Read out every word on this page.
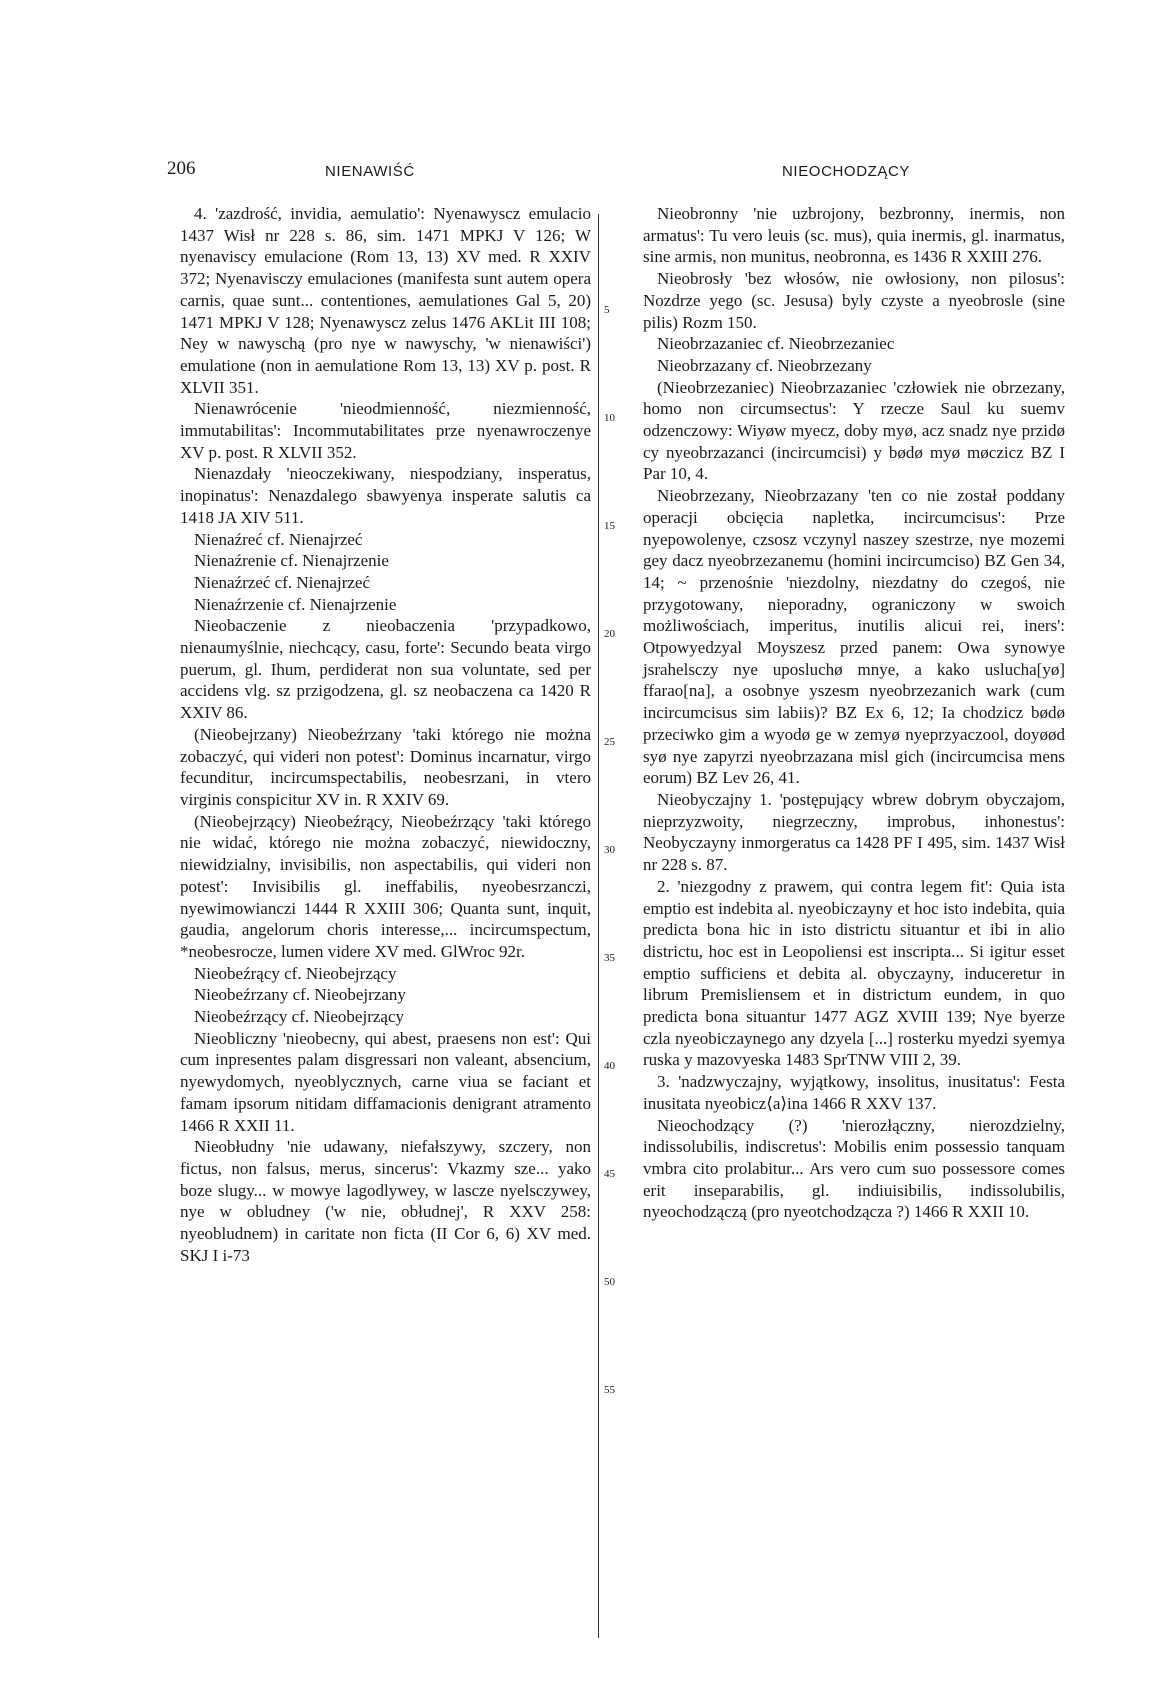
206	NIENAWIŚĆ	NIEOCHODZĄCY

4. 'zazdrość, invidia, aemulatio': Nyenawyscz emulacio 1437 Wisł nr 228 s. 86, sim. 1471 MPKJ V 126; W nyenaviscy emulacione (Rom 13, 13) XV med. R XXIV 372; Nyenavisczy emulaciones (manifesta sunt autem opera carnis, quae sunt... contentiones, aemulationes Gal 5, 20) 1471 MPKJ V 128; Nyenawyscz zelus 1476 AKLit III 108; Ney w nawyschą (pro nye w nawyschy, 'w nienawiści') emulatione (non in aemulatione Rom 13, 13) XV p. post. R XLVII 351.

Nienawrócenie 'nieodmienność, niezmienność, immutabilitas': Incommutabilitates prze nyenawroczenye XV p. post. R XLVII 352.

Nienazdały 'nieoczekiwany, niespodziany, insperatus, inopinatus': Nenazdalego sbawyenya insperate salutis ca 1418 JA XIV 511.

Nienaźreć cf. Nienajrzeć

Nienaźrenie cf. Nienajrzenie

Nienaźrzeć cf. Nienajrzeć

Nienaźrzenie cf. Nienajrzenie

Nieobaczenie z nieobaczenia 'przypadkowo, nienaumyślnie, niechcący, casu, forte': Secundo beata virgo puerum, gl. Ihum, perdiderat non sua voluntate, sed per accidens vlg. sz przigodzena, gl. sz neobaczena ca 1420 R XXIV 86.

(Nieobejrzany) Nieobeźrzany 'taki którego nie można zobaczyć, qui videri non potest': Dominus incarnatur, virgo fecunditur, incircumspectabilis, neobesrzani, in vtero virginis conspicitur XV in. R XXIV 69.

(Nieobejrzący) Nieobeźrący, Nieobeźrzący 'taki którego nie widać, którego nie można zobaczyć, niewidoczny, niewidzialny, invisibilis, non aspectabilis, qui videri non potest': Invisibilis gl. ineffabilis, nyeobesrzanczi, nyewimowianczi 1444 R XXIII 306; Quanta sunt, inquit, gaudia, angelorum choris interesse,... incircumspectum, *neobesrocze, lumen videre XV med. GlWroc 92r.

Nieobeźrący cf. Nieobejrzący

Nieobeźrzany cf. Nieobejrzany

Nieobeźrzący cf. Nieobejrzący

Nieobliczny 'nieobecny, qui abest, praesens non est': Qui cum inpresentes palam disgressari non valeant, absencium, nyewydomych, nyeoblycznych, carne viua se faciant et famam ipsorum nitidam diffamacionis denigrant atramento 1466 R XXII 11.

Nieobłudny 'nie udawany, niefałszywy, szczery, non fictus, non falsus, merus, sincerus': Vkazmy sze... yako boze slugy... w mowye lagodlywey, w lascze nyelsczywey, nye w obludney ('w nie, obłudnej', R XXV 258: nyeobludnem) in caritate non ficta (II Cor 6, 6) XV med. SKJ I i-73

5
10
15
20
25
30
35
40
45
50
55

Nieobronny 'nie uzbrojony, bezbronny, inermis, non armatus': Tu vero leuis (sc. mus), quia inermis, gl. inarmatus, sine armis, non munitus, neobronna, es 1436 R XXIII 276.

Nieobrosły 'bez włosów, nie owłosiony, non pilosus': Nozdrze yego (sc. Jesusa) byly czyste a nyeobrosle (sine pilis) Rozm 150.

Nieobrzazaniec cf. Nieobrzezaniec

Nieobrzazany cf. Nieobrzezany

(Nieobrzezaniec) Nieobrzazaniec 'człowiek nie obrzezany, homo non circumsectus': Y rzecze Saul ku suemv odzenczowy: Wiyøw myecz, doby myø, acz snadz nye przidø cy nyeobrzazanci (incircumcisi) y bødø myø møczicz BZ I Par 10, 4.

Nieobrzezany, Nieobrzazany 'ten co nie został poddany operacji obcięcia napletka, incircumcisus': Prze nyepowolenye, czsosz vczynyl naszey szestrze, nye mozemi gey dacz nyeobrzezanemu (homini incircumciso) BZ Gen 34, 14; ~ przenośnie 'niezdolny, niezdatny do czegoś, nie przygotowany, nieporadny, ograniczony w swoich możliwościach, imperitus, inutilis alicui rei, iners': Otpowyedzyal Moyszesz przed panem: Owa synowye jsrahelsczy nye uposluchø mnye, a kako uslucha[yø] ffarao[na], a osobnye yszesm nyeobrzezanich wark (cum incircumcisus sim labiis)? BZ Ex 6, 12; Ia chodzicz bødø przeciwko gim a wyodø ge w zemyø nyeprzyaczool, doyøød syø nye zapyrzi nyeobrzazana misl gich (incircumcisa mens eorum) BZ Lev 26, 41.

Nieobyczajny 1. 'postępujący wbrew dobrym obyczajom, nieprzyzwoity, niegrzeczny, improbus, inhonestus': Neobyczayny inmorgeratus ca 1428 PF I 495, sim. 1437 Wisł nr 228 s. 87.

2. 'niezgodny z prawem, qui contra legem fit': Quia ista emptio est indebita al. nyeobiczayny et hoc isto indebita, quia predicta bona hic in isto districtu situantur et ibi in alio districtu, hoc est in Leopoliensi est inscripta... Si igitur esset emptio sufficiens et debita al. obyczayny, induceretur in librum Premisliensem et in districtum eundem, in quo predicta bona situantur 1477 AGZ XVIII 139; Nye byerze czla nyeobiczaynego any dzyela [...] rosterku myedzi syemya ruska y mazovyeska 1483 SprTNW VIII 2, 39.

3. 'nadzwyczajny, wyjątkowy, insolitus, inusitatus': Festa inusitata nyeobicz⟨a⟩ina 1466 R XXV 137.

Nieochodzący (?) 'nierozłączny, nierozdzielny, indissolubilis, indiscretus': Mobilis enim possessio tanquam vmbra cito prolabitur... Ars vero cum suo possessore comes erit inseparabilis, gl. indiuisibilis, indissolubilis, nyeochodzączą (pro nyeotchodzącza ?) 1466 R XXII 10.
